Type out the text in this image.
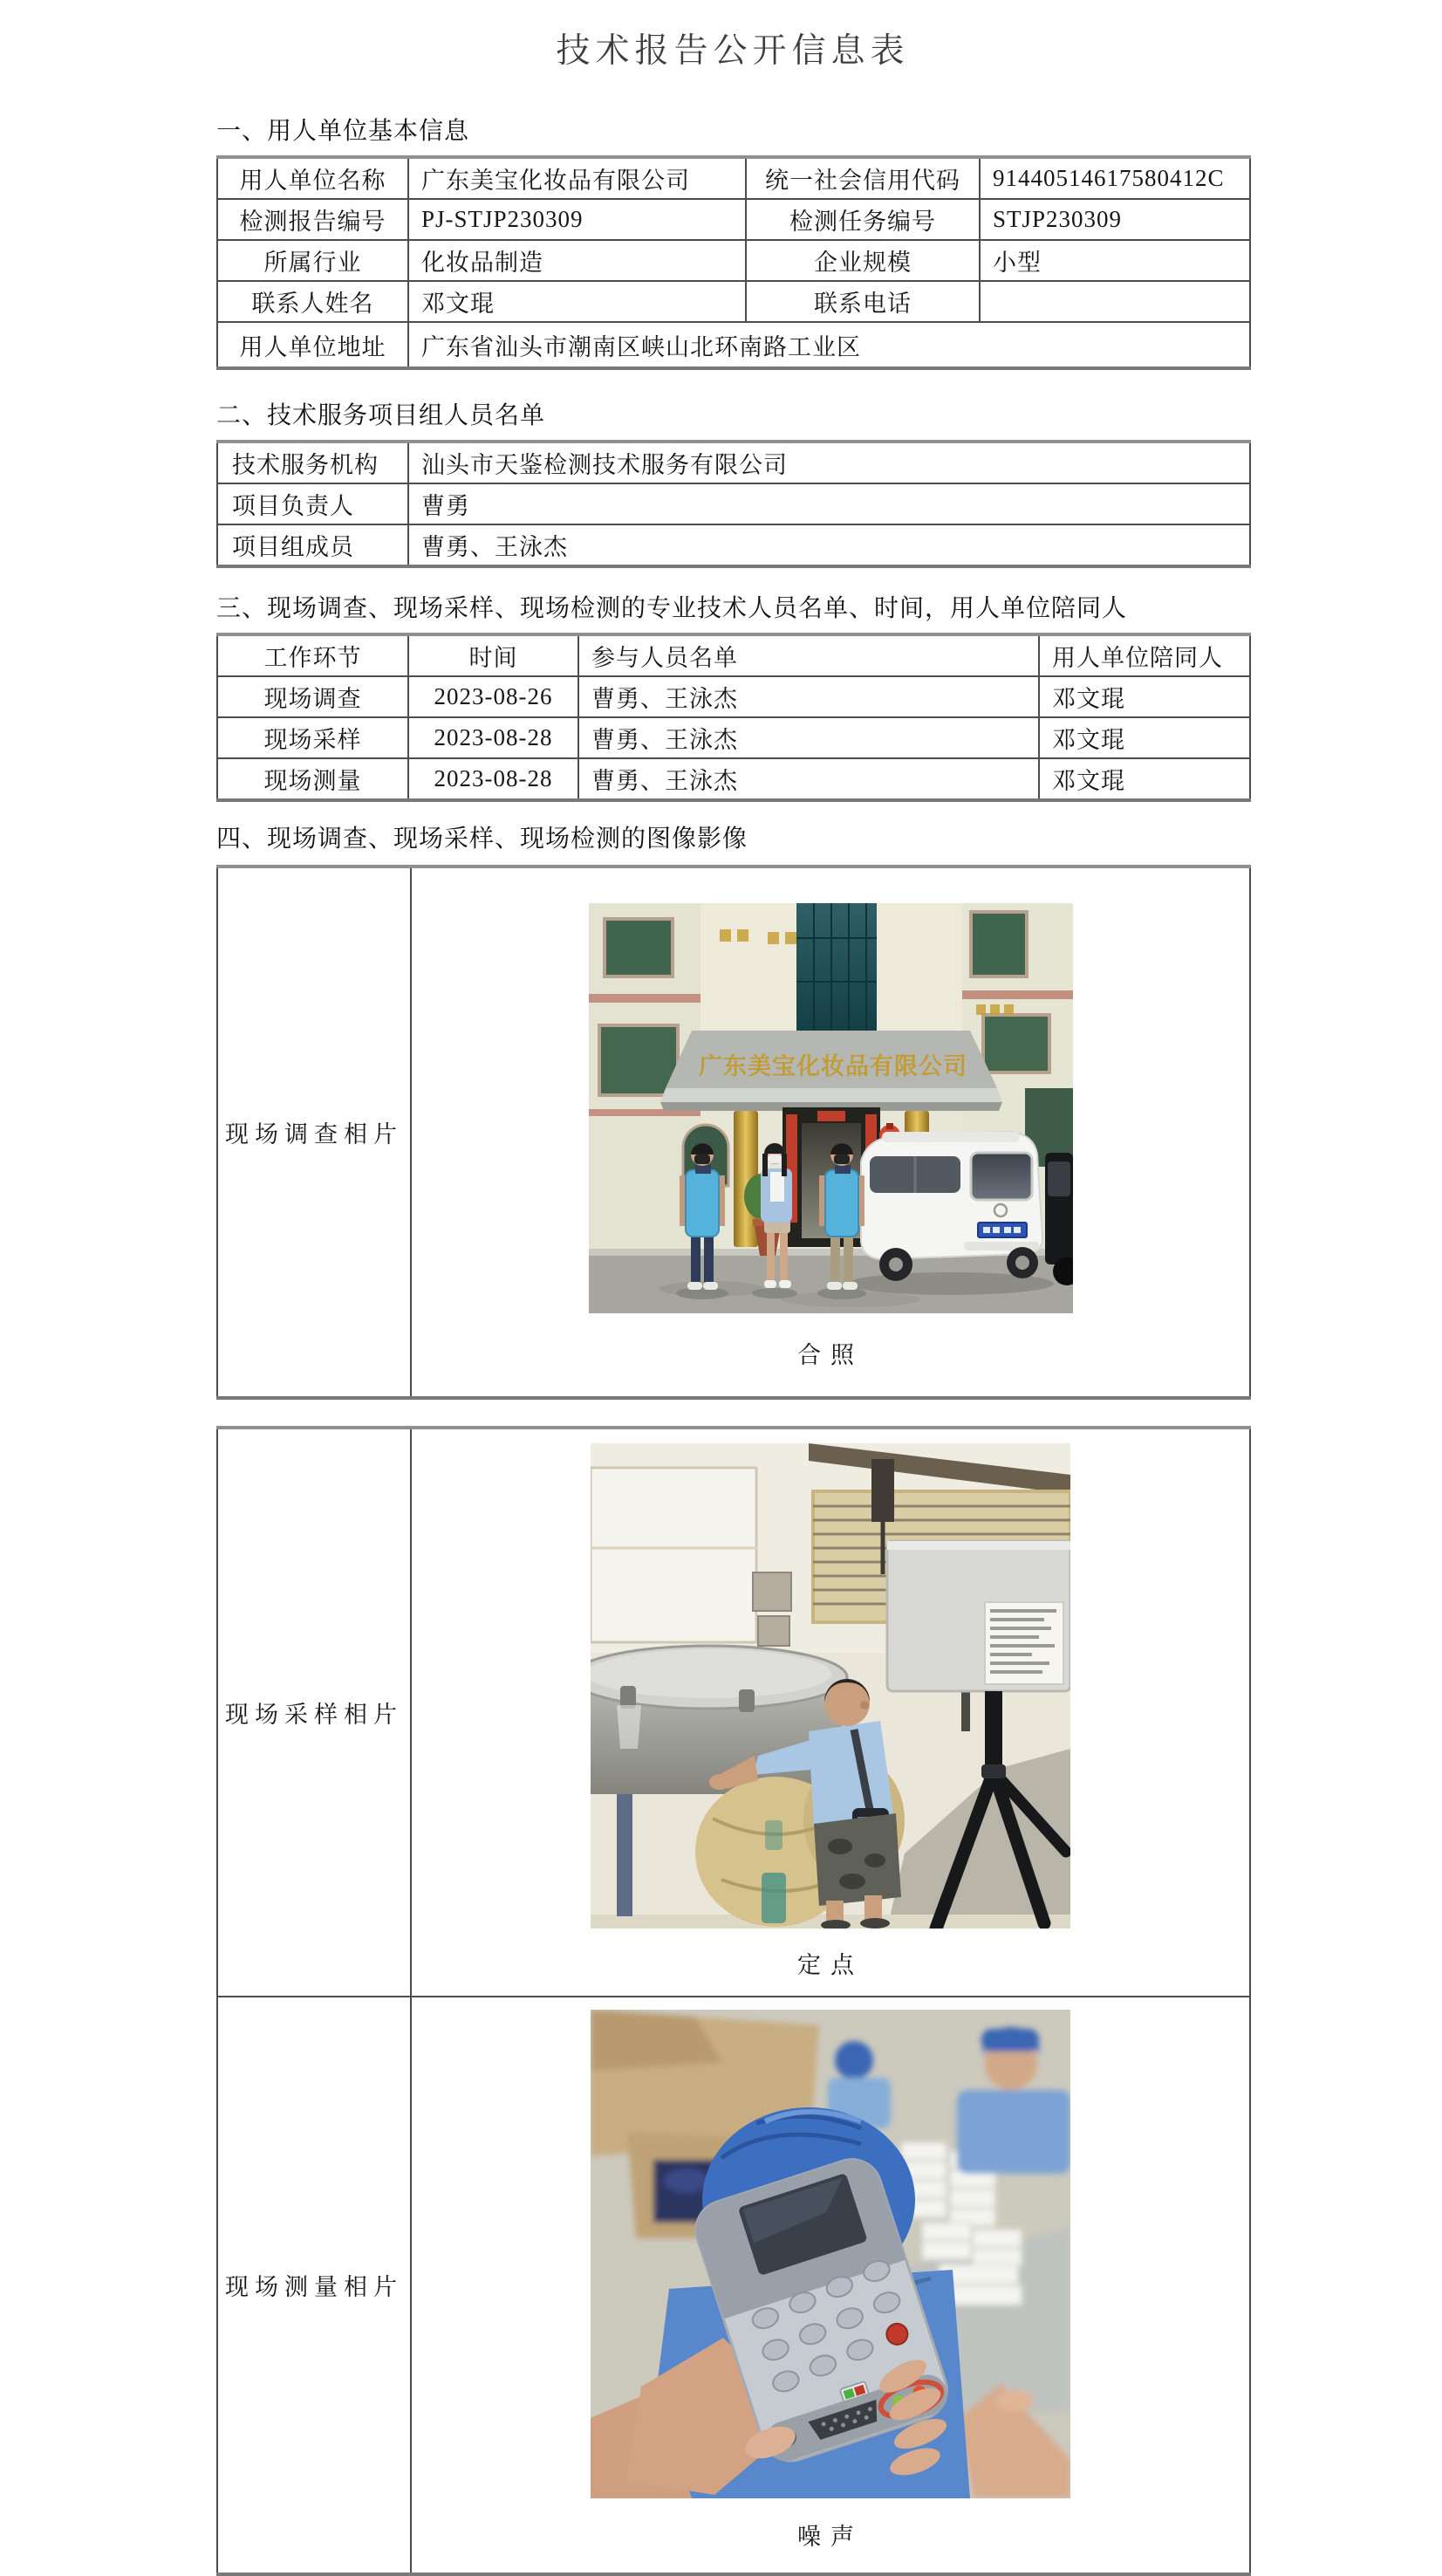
技术报告公开信息表
一、用人单位基本信息
用人单位名称	广东美宝化妆品有限公司	统一社会信用代码	91440514617580412C
检测报告编号	PJ-STJP230309	检测任务编号	STJP230309
所属行业	化妆品制造	企业规模	小型
联系人姓名	邓文琨	联系电话	
用人单位地址	广东省汕头市潮南区峡山北环南路工业区		
二、技术服务项目组人员名单
技术服务机构	汕头市天鉴检测技术服务有限公司
项目负责人	曹勇
项目组成员	曹勇、王泳杰
三、现场调查、现场采样、现场检测的专业技术人员名单、时间，用人单位陪同人
工作环节	时间	参与人员名单	用人单位陪同人
现场调查	2023-08-26	曹勇、王泳杰	邓文琨
现场采样	2023-08-28	曹勇、王泳杰	邓文琨
现场测量	2023-08-28	曹勇、王泳杰	邓文琨
四、现场调查、现场采样、现场检测的图像影像
现场调查相片	
广东美宝化妆品有限公司
合照
现场采样相片	定点

现场测量相片	噪声
